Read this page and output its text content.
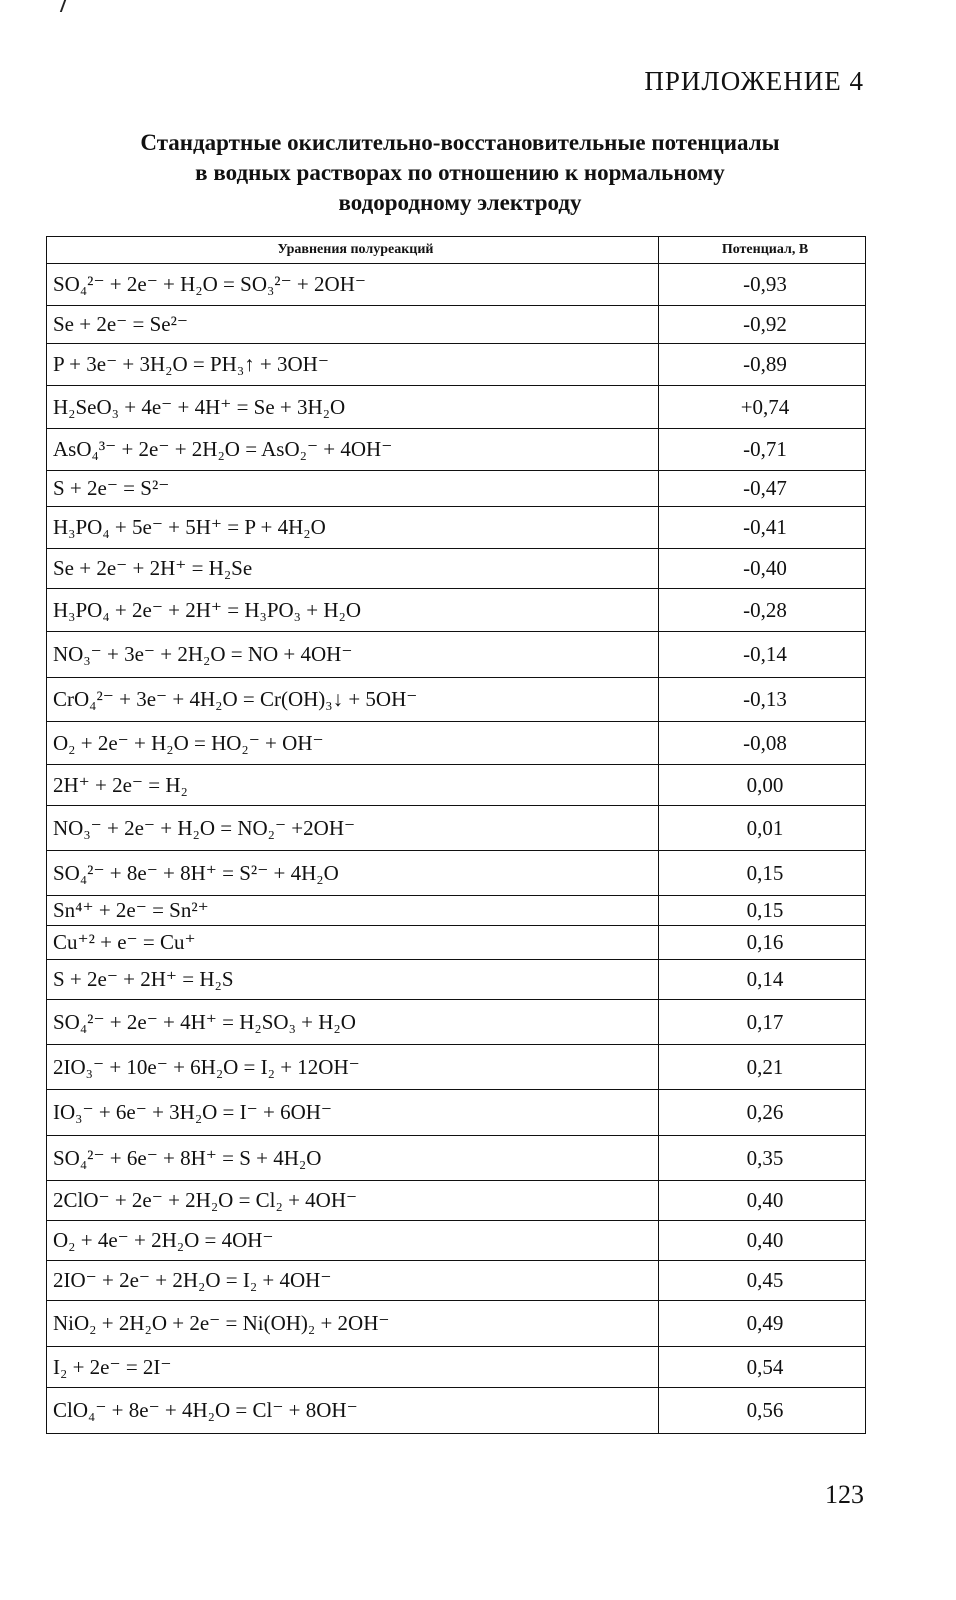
ПРИЛОЖЕНИЕ 4
Стандартные окислительно-восстановительные потенциалы
в водных растворах по отношению к нормальному
водородному электроду
Уравнения полуреакций	Потенциал, В
SO₄²⁻ + 2e⁻ + H₂O = SO₃²⁻ + 2OH⁻	-0,93
Se + 2e⁻ = Se²⁻	-0,92
P + 3e⁻ + 3H₂O = PH₃↑ + 3OH⁻	-0,89
H₂SeO₃ + 4e⁻ + 4H⁺ = Se + 3H₂O	+0,74
AsO₄³⁻ + 2e⁻ + 2H₂O = AsO₂⁻ + 4OH⁻	-0,71
S + 2e⁻ = S²⁻	-0,47
H₃PO₄ + 5e⁻ + 5H⁺ = P + 4H₂O	-0,41
Se + 2e⁻ + 2H⁺ = H₂Se	-0,40
H₃PO₄ + 2e⁻ + 2H⁺ = H₃PO₃ + H₂O	-0,28
NO₃⁻ + 3e⁻ + 2H₂O = NO + 4OH⁻	-0,14
CrO₄²⁻ + 3e⁻ + 4H₂O = Cr(OH)₃↓ + 5OH⁻	-0,13
O₂ + 2e⁻ + H₂O = HO₂⁻ + OH⁻	-0,08
2H⁺ + 2e⁻ = H₂	0,00
NO₃⁻ + 2e⁻ + H₂O = NO₂⁻ +2OH⁻	0,01
SO₄²⁻ + 8e⁻ + 8H⁺ = S²⁻ + 4H₂O	0,15
Sn⁴⁺ + 2e⁻ = Sn²⁺	0,15
Cu⁺² + e⁻ = Cu⁺	0,16
S + 2e⁻ + 2H⁺ = H₂S	0,14
SO₄²⁻ + 2e⁻ + 4H⁺ = H₂SO₃ + H₂O	0,17
2IO₃⁻ + 10e⁻ + 6H₂O = I₂ + 12OH⁻	0,21
IO₃⁻ + 6e⁻ + 3H₂O = I⁻ + 6OH⁻	0,26
SO₄²⁻ + 6e⁻ + 8H⁺ = S + 4H₂O	0,35
2ClO⁻ + 2e⁻ + 2H₂O = Cl₂ + 4OH⁻	0,40
O₂ + 4e⁻ + 2H₂O = 4OH⁻	0,40
2IO⁻ + 2e⁻ + 2H₂O = I₂ + 4OH⁻	0,45
NiO₂ + 2H₂O + 2e⁻ = Ni(OH)₂ + 2OH⁻	0,49
I₂ + 2e⁻ = 2I⁻	0,54
ClO₄⁻ + 8e⁻ + 4H₂O = Cl⁻ + 8OH⁻	0,56
123
